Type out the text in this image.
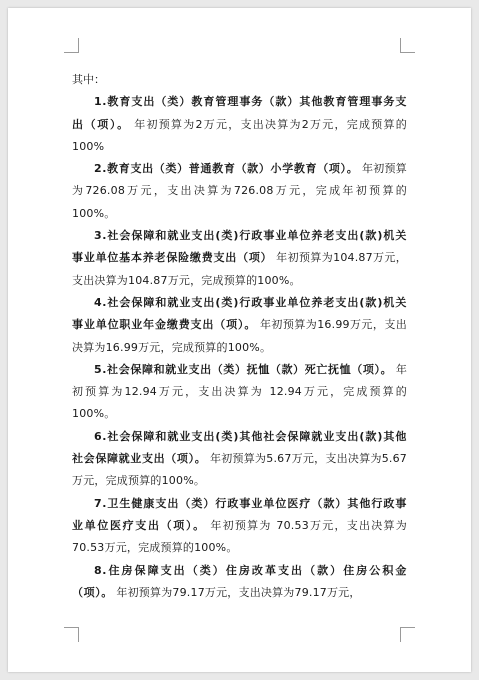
其中：

1.教育支出（类）教育管理事务（款）其他教育管理事务支出（项）。 年初预算为2万元，支出决算为2万元，完成预算的100%

2.教育支出（类）普通教育（款）小学教育（项）。 年初预算为726.08万元，支出决算为726.08万元，完成年初预算的 100%。

3.社会保障和就业支出(类)行政事业单位养老支出(款)机关事业单位基本养老保险缴费支出（项） 年初预算为104.87万元，支出决算为104.87万元，完成预算的100%。

4.社会保障和就业支出(类)行政事业单位养老支出(款)机关事业单位职业年金缴费支出（项）。 年初预算为16.99万元，支出决算为16.99万元，完成预算的100%。

5.社会保障和就业支出（类）抚恤（款）死亡抚恤（项）。 年初预算为12.94万元，支出决算为 12.94万元，完成预算的100%。

6.社会保障和就业支出(类)其他社会保障就业支出(款)其他社会保障就业支出（项）。 年初预算为5.67万元，支出决算为5.67万元，完成预算的100%。

7.卫生健康支出（类）行政事业单位医疗（款）其他行政事业单位医疗支出（项）。 年初预算为 70.53万元，支出决算为70.53万元，完成预算的100%。

8.住房保障支出（类）住房改革支出（款）住房公积金（项）。 年初预算为79.17万元，支出决算为79.17万元，
